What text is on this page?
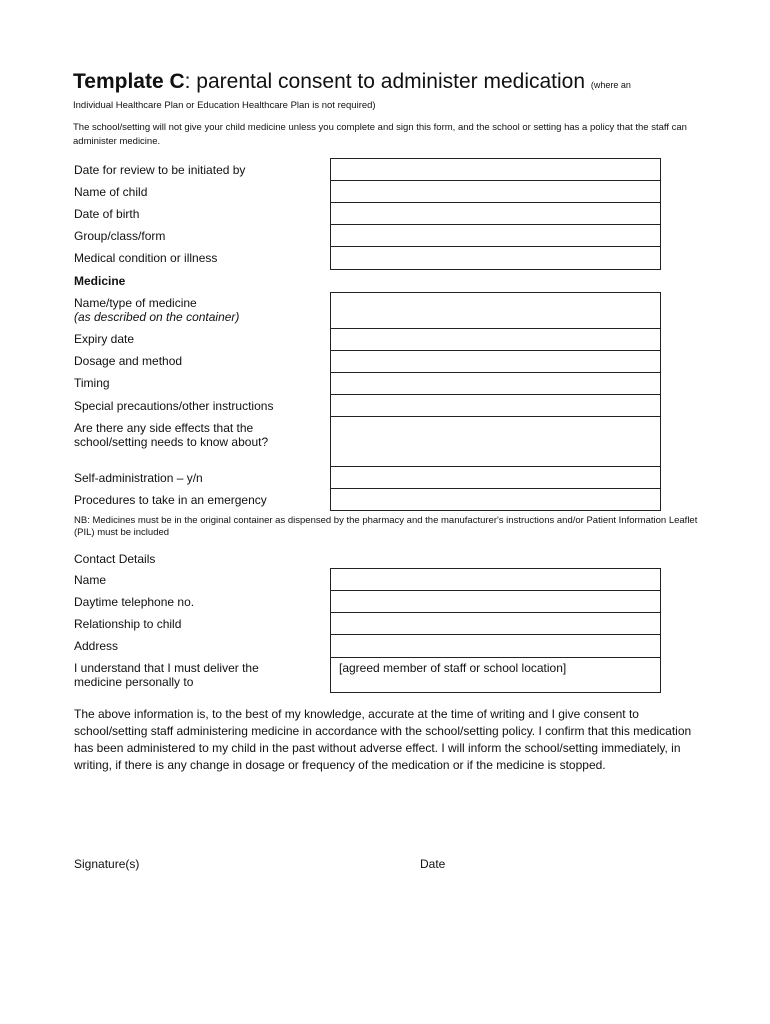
Template C: parental consent to administer medication (where an
Individual Healthcare Plan or Education Healthcare Plan is not required)
The school/setting will not give your child medicine unless you complete and sign this form, and the school or setting has a policy that the staff can administer medicine.
Date for review to be initiated by
Name of child
Date of birth
Group/class/form
Medical condition or illness
Medicine
Name/type of medicine
(as described on the container)
Expiry date
Dosage and method
Timing
Special precautions/other instructions
Are there any side effects that the
school/setting needs to know about?
Self-administration – y/n
Procedures to take in an emergency
NB: Medicines must be in the original container as dispensed by the pharmacy and the manufacturer's instructions and/or Patient Information Leaflet (PIL) must be included
Contact Details
Name
Daytime telephone no.
Relationship to child
Address
I understand that I must deliver the
medicine personally to
[agreed member of staff or school location]
The above information is, to the best of my knowledge, accurate at the time of writing and I give consent to school/setting staff administering medicine in accordance with the school/setting policy. I confirm that this medication has been administered to my child in the past without adverse effect. I will inform the school/setting immediately, in writing, if there is any change in dosage or frequency of the medication or if the medicine is stopped.
Signature(s)	Date
